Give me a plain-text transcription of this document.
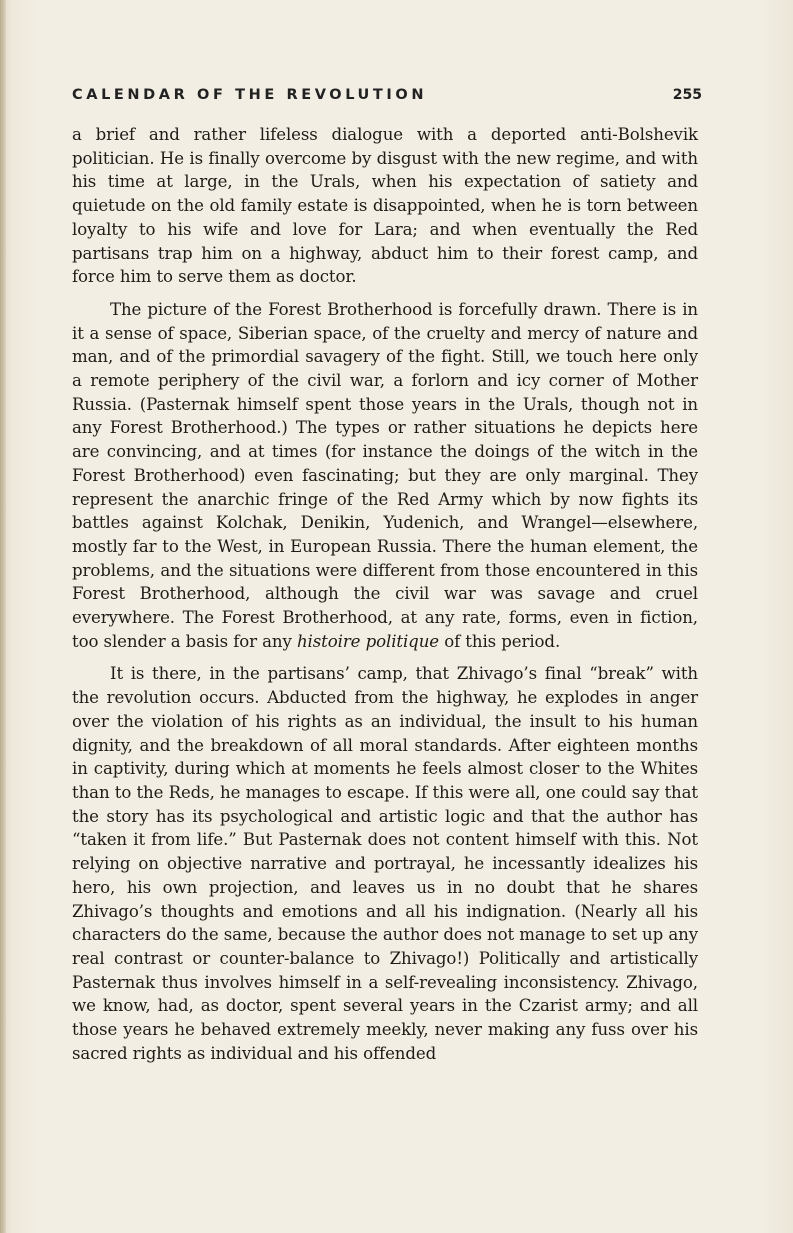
CALENDAR OF THE REVOLUTION	255

a brief and rather lifeless dialogue with a deported anti-Bolshevik politician. He is finally overcome by disgust with the new regime, and with his time at large, in the Urals, when his expectation of satiety and quietude on the old family estate is disappointed, when he is torn between loyalty to his wife and love for Lara; and when eventually the Red partisans trap him on a highway, abduct him to their forest camp, and force him to serve them as doctor.

The picture of the Forest Brotherhood is forcefully drawn. There is in it a sense of space, Siberian space, of the cruelty and mercy of nature and man, and of the primordial savagery of the fight. Still, we touch here only a remote periphery of the civil war, a forlorn and icy corner of Mother Russia. (Pasternak himself spent those years in the Urals, though not in any Forest Brotherhood.) The types or rather situations he depicts here are convincing, and at times (for instance the doings of the witch in the Forest Brotherhood) even fascinating; but they are only marginal. They represent the anarchic fringe of the Red Army which by now fights its battles against Kolchak, Denikin, Yudenich, and Wrangel—elsewhere, mostly far to the West, in European Russia. There the human element, the problems, and the situations were different from those encountered in this Forest Brotherhood, although the civil war was savage and cruel everywhere. The Forest Brotherhood, at any rate, forms, even in fiction, too slender a basis for any histoire politique of this period.

It is there, in the partisans’ camp, that Zhivago’s final “break” with the revolution occurs. Abducted from the highway, he explodes in anger over the violation of his rights as an individual, the insult to his human dignity, and the breakdown of all moral standards. After eighteen months in captivity, during which at moments he feels almost closer to the Whites than to the Reds, he manages to escape. If this were all, one could say that the story has its psychological and artistic logic and that the author has “taken it from life.” But Pasternak does not content himself with this. Not relying on objective narrative and portrayal, he incessantly idealizes his hero, his own projection, and leaves us in no doubt that he shares Zhivago’s thoughts and emotions and all his indignation. (Nearly all his characters do the same, because the author does not manage to set up any real contrast or counter-balance to Zhivago!) Politically and artistically Pasternak thus involves himself in a self-revealing inconsistency. Zhivago, we know, had, as doctor, spent several years in the Czarist army; and all those years he behaved extremely meekly, never making any fuss over his sacred rights as individual and his offended
